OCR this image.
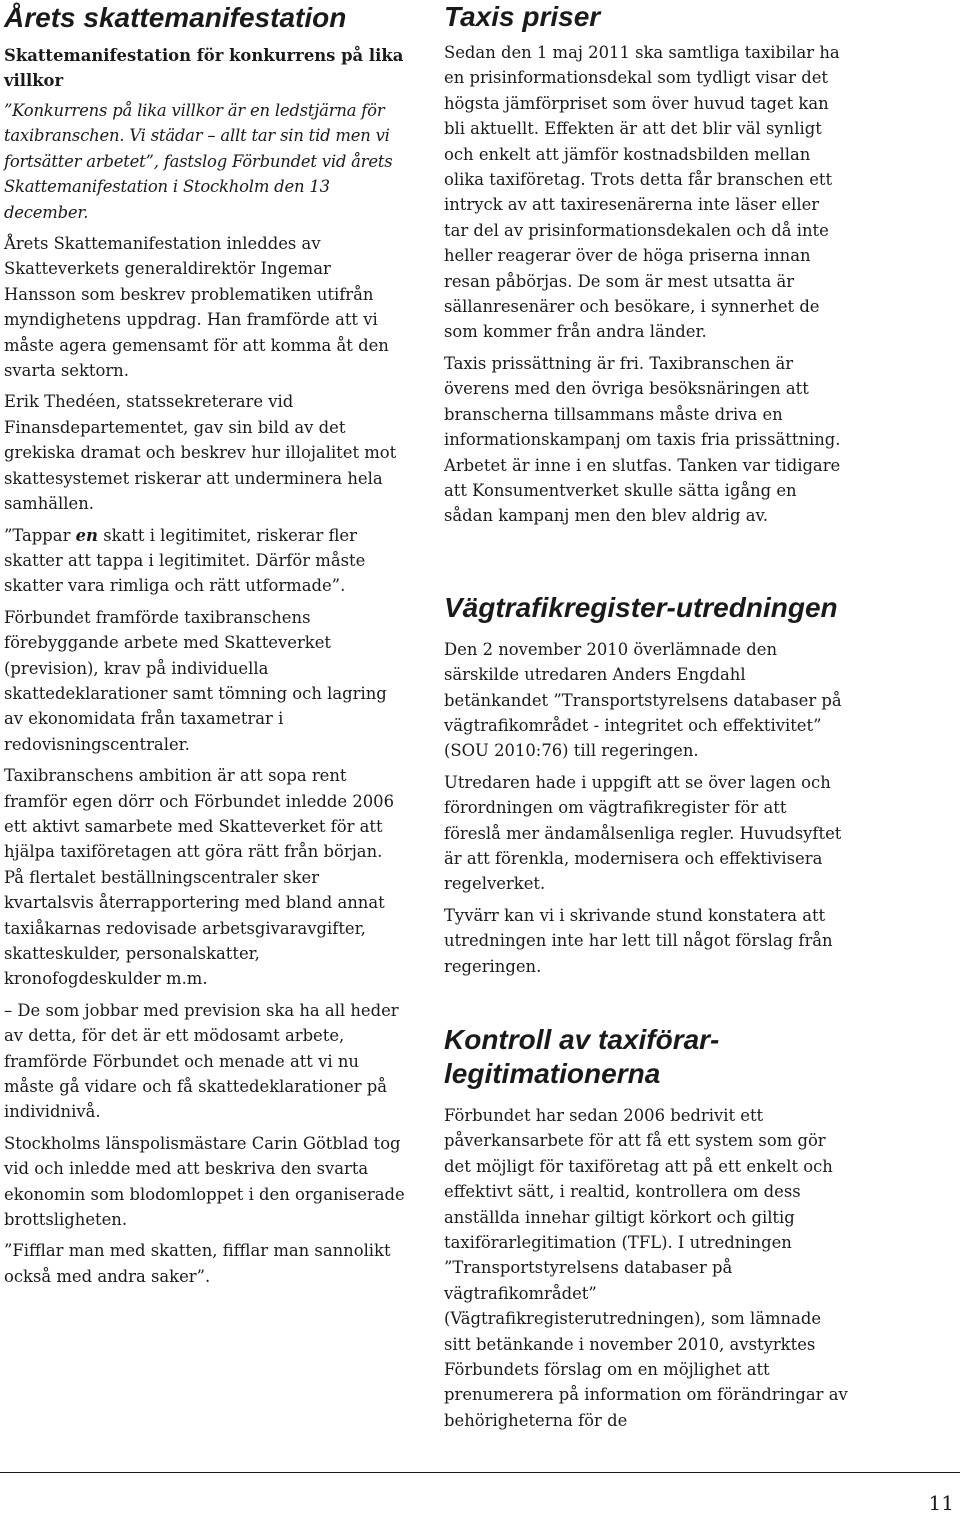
Årets skattemanifestation
Skattemanifestation för konkurrens på lika villkor

”Konkurrens på lika villkor är en ledstjärna för taxibranschen. Vi städar – allt tar sin tid men vi fortsätter arbetet”, fastslog Förbundet vid årets Skattemanifestation i Stockholm den 13 december.

Årets Skattemanifestation inleddes av Skatteverkets generaldirektör Ingemar Hansson som beskrev problematiken utifrån myndighetens uppdrag. Han framförde att vi måste agera gemensamt för att komma åt den svarta sektorn.

Erik Thedéen, statssekreterare vid Finansdepartementet, gav sin bild av det grekiska dramat och beskrev hur illojalitet mot skattesystemet riskerar att underminera hela samhällen.

”Tappar en skatt i legitimitet, riskerar fler skatter att tappa i legitimitet. Därför måste skatter vara rimliga och rätt utformade”.

Förbundet framförde taxibranschens förebyggande arbete med Skatteverket (prevision), krav på individuella skattedeklarationer samt tömning och lagring av ekonomidata från taxametrar i redovisningscentraler.

Taxibranschens ambition är att sopa rent framför egen dörr och Förbundet inledde 2006 ett aktivt samarbete med Skatteverket för att hjälpa taxiföretagen att göra rätt från början. På flertalet beställningscentraler sker kvartalsvis återrapportering med bland annat taxiåkarnas redovisade arbetsgivaravgifter, skatteskulder, personalskatter, kronofogdeskulder m.m.

– De som jobbar med prevision ska ha all heder av detta, för det är ett mödosamt arbete, framförde Förbundet och menade att vi nu måste gå vidare och få skattedeklarationer på individnivå.

Stockholms länspolismästare Carin Götblad tog vid och inledde med att beskriva den svarta ekonomin som blodomloppet i den organiserade brottsligheten.

”Fifflar man med skatten, fifflar man sannolikt också med andra saker”.

Taxis priser

Sedan den 1 maj 2011 ska samtliga taxibilar ha en prisinformationsdekal som tydligt visar det högsta jämförpriset som över huvud taget kan bli aktuellt. Effekten är att det blir väl synligt och enkelt att jämför kostnadsbilden mellan olika taxiföretag. Trots detta får branschen ett intryck av att taxiresenärerna inte läser eller tar del av prisinformationsdekalen och då inte heller reagerar över de höga priserna innan resan påbörjas. De som är mest utsatta är sällanresenärer och besökare, i synnerhet de som kommer från andra länder.

Taxis prissättning är fri. Taxibranschen är överens med den övriga besöksnäringen att branscherna tillsammans måste driva en informationskampanj om taxis fria prissättning. Arbetet är inne i en slutfas. Tanken var tidigare att Konsumentverket skulle sätta igång en sådan kampanj men den blev aldrig av.

Vägtrafikregister-utredningen

Den 2 november 2010 överlämnade den särskilde utredaren Anders Engdahl betänkandet ”Transportstyrelsens databaser på vägtrafikområdet - integritet och effektivitet” (SOU 2010:76) till regeringen.

Utredaren hade i uppgift att se över lagen och förordningen om vägtrafikregister för att föreslå mer ändamålsenliga regler. Huvudsyftet är att förenkla, modernisera och effektivisera regelverket.

Tyvärr kan vi i skrivande stund konstatera att utredningen inte har lett till något förslag från regeringen.

Kontroll av taxiförar-legitimationerna

Förbundet har sedan 2006 bedrivit ett påverkansarbete för att få ett system som gör det möjligt för taxiföretag att på ett enkelt och effektivt sätt, i realtid, kontrollera om dess anställda innehar giltigt körkort och giltig taxiförarlegitimation (TFL). I utredningen ”Transportstyrelsens databaser på vägtrafikområdet” (Vägtrafikregisterutredningen), som lämnade sitt betänkande i november 2010, avstyrktes Förbundets förslag om en möjlighet att prenumerera på information om förändringar av behörigheterna för de

11
